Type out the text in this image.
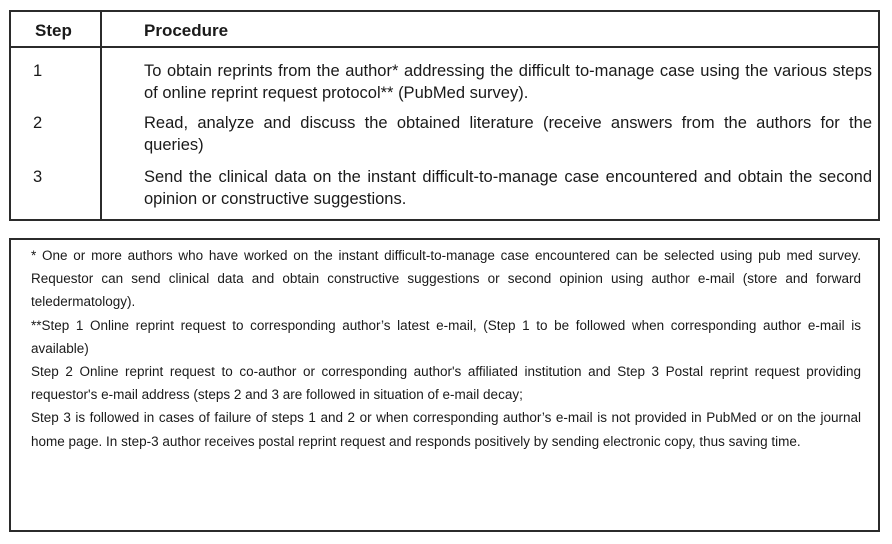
Step	Procedure
1	To obtain reprints from the author* addressing the difficult to-manage case using the various steps of online reprint request protocol** (PubMed survey).
2	Read, analyze and discuss the obtained literature (receive answers from the authors for the queries)
3	Send the clinical data on the instant difficult-to-manage case encountered and obtain the second opinion or constructive suggestions.

* One or more authors who have worked on the instant difficult-to-manage case encountered can be selected using pub med survey. Requestor can send clinical data and obtain constructive suggestions or second opinion using author e-mail (store and forward teledermatology).

**Step 1 Online reprint request to corresponding author’s latest e-mail, (Step 1 to be followed when corresponding author e-mail is available)

Step 2 Online reprint request to co-author or corresponding author's affiliated institution and Step 3 Postal reprint request providing requestor's e-mail address (steps 2 and 3 are followed in situation of e-mail decay;

Step 3 is followed in cases of failure of steps 1 and 2 or when corresponding author’s e-mail is not provided in PubMed or on the journal home page. In step-3 author receives postal reprint request and responds positively by sending electronic copy, thus saving time.
